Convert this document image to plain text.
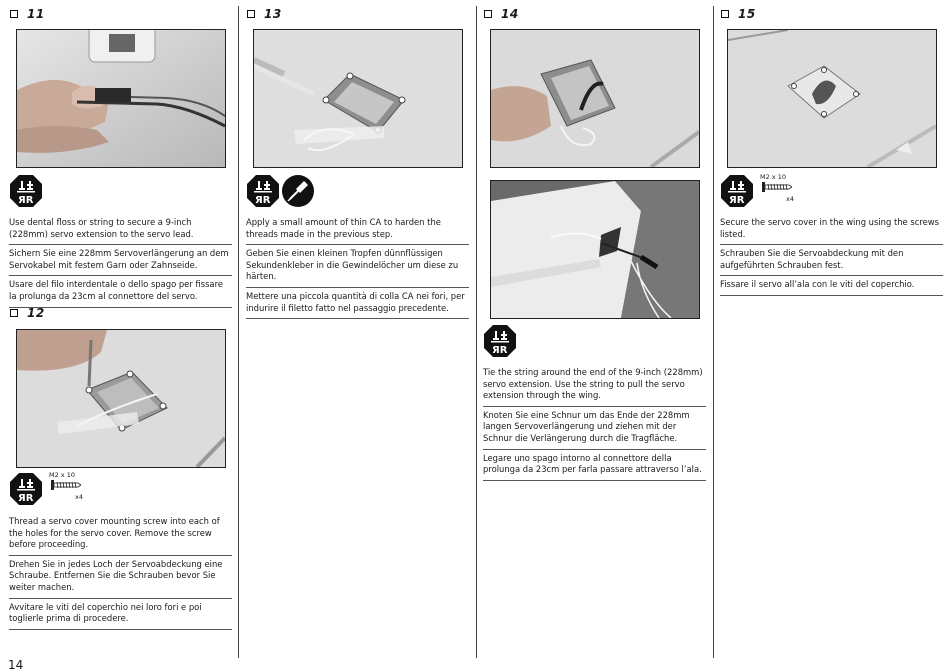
11
ЯR

Use dental floss or string to secure a 9-inch (228mm) servo extension to the servo lead.

Sichern Sie eine 228mm Servoverlängerung an dem Servokabel mit festem Garn oder Zahnseide.

Usare del filo interdentale o dello spago per fissare la prolunga da 23cm al connettore del servo.

12
ЯR
M2 x 10
x4

Thread a servo cover mounting screw into each of the holes for the servo cover. Remove the screw before proceeding.

Drehen Sie in jedes Loch der Servoabdeckung eine Schraube. Entfernen Sie die Schrauben bevor Sie weiter machen.

Avvitare le viti del coperchio nei loro fori e poi toglierle prima di procedere.

13
ЯR

Apply a small amount of thin CA to harden the threads made in the previous step.

Geben Sie einen kleinen Tropfen dünnflüssigen Sekundenkleber in die Gewindelöcher um diese zu härten.

Mettere una piccola quantità di colla CA nei fori, per indurire il filetto fatto nel passaggio precedente.

14
ЯR

Tie the string around the end of the 9-inch (228mm) servo extension. Use the string to pull the servo extension through the wing.

Knoten Sie eine Schnur um das Ende der 228mm langen Servoverlängerung und ziehen mit der Schnur die Verlängerung durch die Tragfläche.

Legare uno spago intorno al connettore della prolunga da 23cm per farla passare attraverso l’ala.

15
ЯR
M2 x 10
x4

Secure the servo cover in the wing using the screws listed.

Schrauben Sie die Servoabdeckung mit den aufgeführten Schrauben fest.

Fissare il servo all’ala con le viti del coperchio.

14
